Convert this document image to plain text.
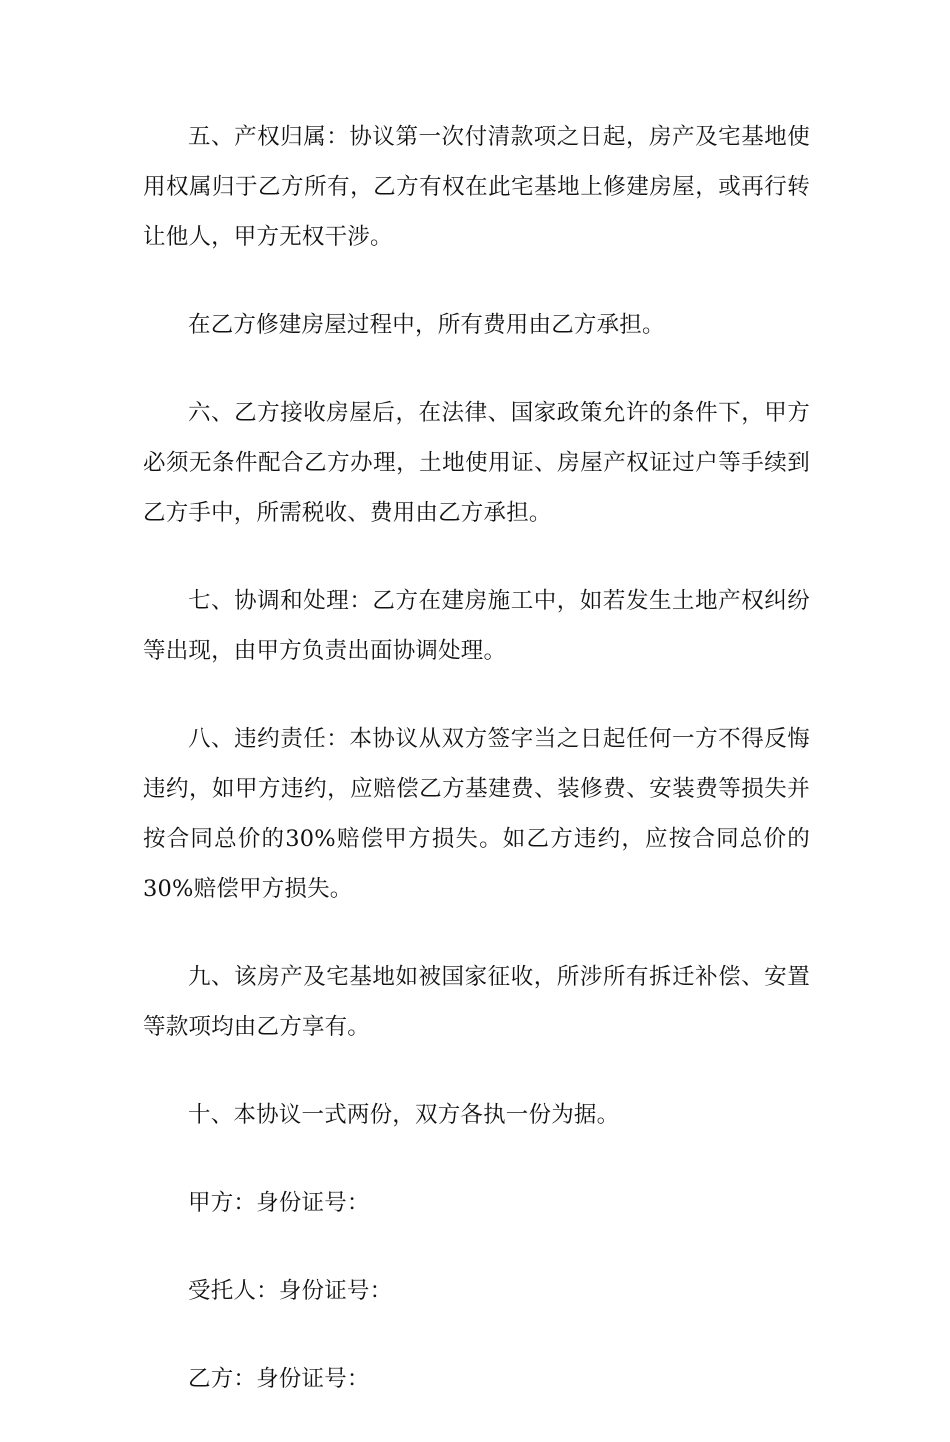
五、产权归属：协议第一次付清款项之日起，房产及宅基地使用权属归于乙方所有，乙方有权在此宅基地上修建房屋，或再行转让他人，甲方无权干涉。

在乙方修建房屋过程中，所有费用由乙方承担。

六、乙方接收房屋后，在法律、国家政策允许的条件下，甲方必须无条件配合乙方办理，土地使用证、房屋产权证过户等手续到乙方手中，所需税收、费用由乙方承担。

七、协调和处理：乙方在建房施工中，如若发生土地产权纠纷等出现，由甲方负责出面协调处理。

八、违约责任：本协议从双方签字当之日起任何一方不得反悔违约，如甲方违约，应赔偿乙方基建费、装修费、安装费等损失并按合同总价的30%赔偿甲方损失。如乙方违约，应按合同总价的30%赔偿甲方损失。

九、该房产及宅基地如被国家征收，所涉所有拆迁补偿、安置等款项均由乙方享有。

十、本协议一式两份，双方各执一份为据。

甲方：身份证号：

受托人：身份证号：

乙方：身份证号：
